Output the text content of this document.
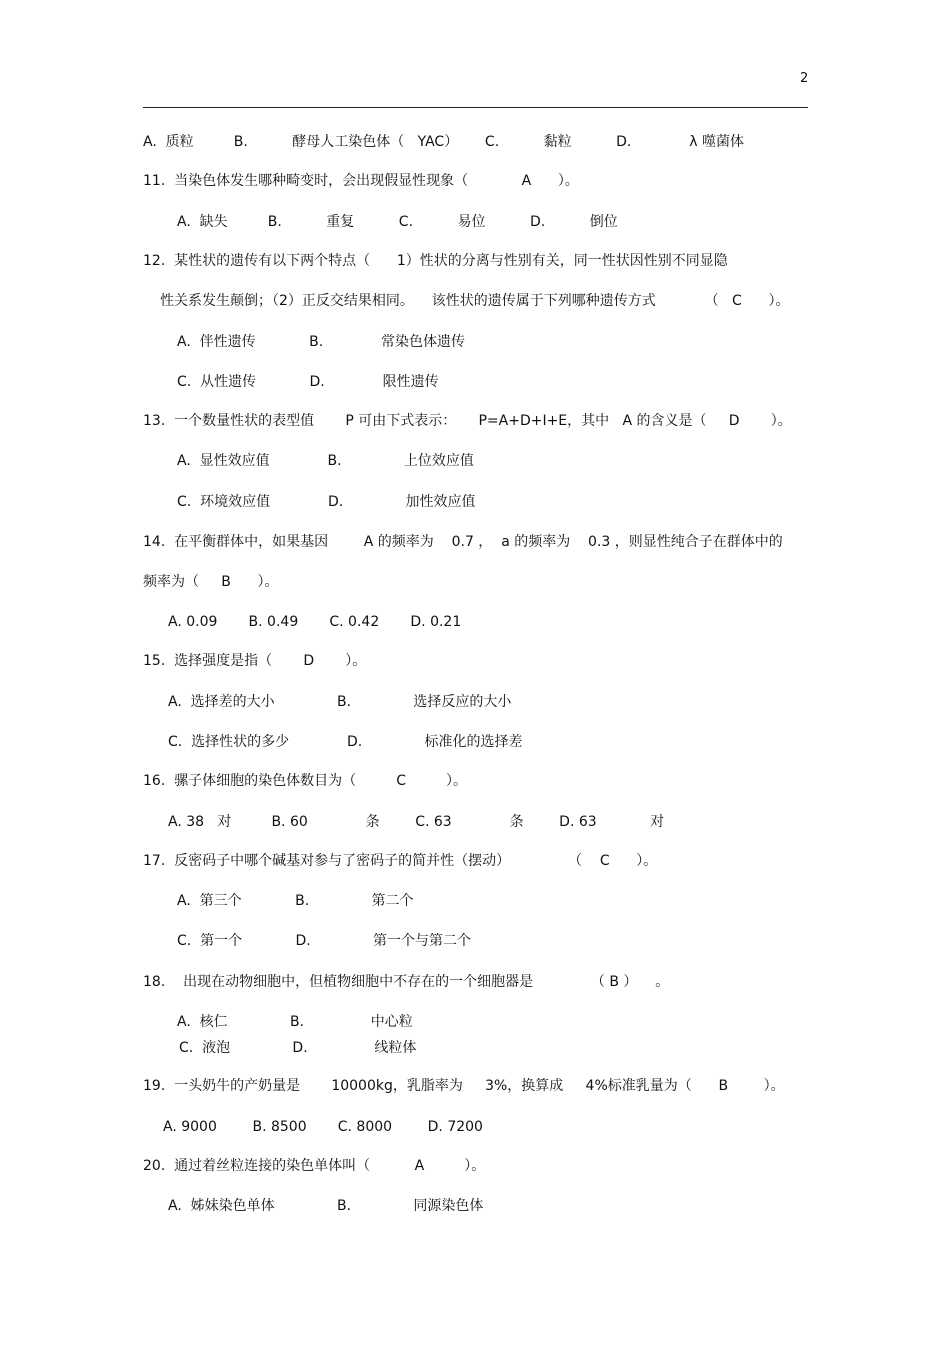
2
A.  质粒         B.          酵母人工染色体（   YAC）      C.          黏粒          D.             λ 噬菌体
11.  当染色体发生哪种畸变时，会出现假显性现象（            A      ）。
A.  缺失         B.          重复          C.          易位          D.          倒位
12.  某性状的遗传有以下两个特点（      1）性状的分离与性别有关，同一性状因性别不同显隐
性关系发生颠倒；（2）正反交结果相同。    该性状的遗传属于下列哪种遗传方式           （   C      ）。
A.  伴性遗传            B.             常染色体遗传
C.  从性遗传            D.             限性遗传
13.  一个数量性状的表型值       P 可由下式表示：     P=A+D+I+E，其中   A 的含义是（     D       ）。
A.  显性效应值             B.              上位效应值
C.  环境效应值             D.              加性效应值
14.  在平衡群体中，如果基因        A 的频率为    0.7 ，  a 的频率为    0.3 ，则显性纯合子在群体中的
频率为（     B      ）。
A. 0.09       B. 0.49       C. 0.42       D. 0.21
15.  选择强度是指（       D       ）。
A.  选择差的大小              B.              选择反应的大小
C.  选择性状的多少             D.              标准化的选择差
16.  骡子体细胞的染色体数目为（         C         ）。
A. 38   对         B. 60             条        C. 63             条        D. 63            对
17.  反密码子中哪个碱基对参与了密码子的简并性（摆动）             （    C      ）。
A.  第三个            B.              第二个
C.  第一个            D.              第一个与第二个
18.    出现在动物细胞中，但植物细胞中不存在的一个细胞器是             （ B ）    。
A.  核仁              B.               中心粒
C.  液泡              D.               线粒体
19.  一头奶牛的产奶量是       10000kg，乳脂率为     3%，换算成     4%标准乳量为（      B        ）。
A. 9000        B. 8500       C. 8000        D. 7200
20.  通过着丝粒连接的染色单体叫（          A         ）。
A.  姊妹染色单体              B.              同源染色体
